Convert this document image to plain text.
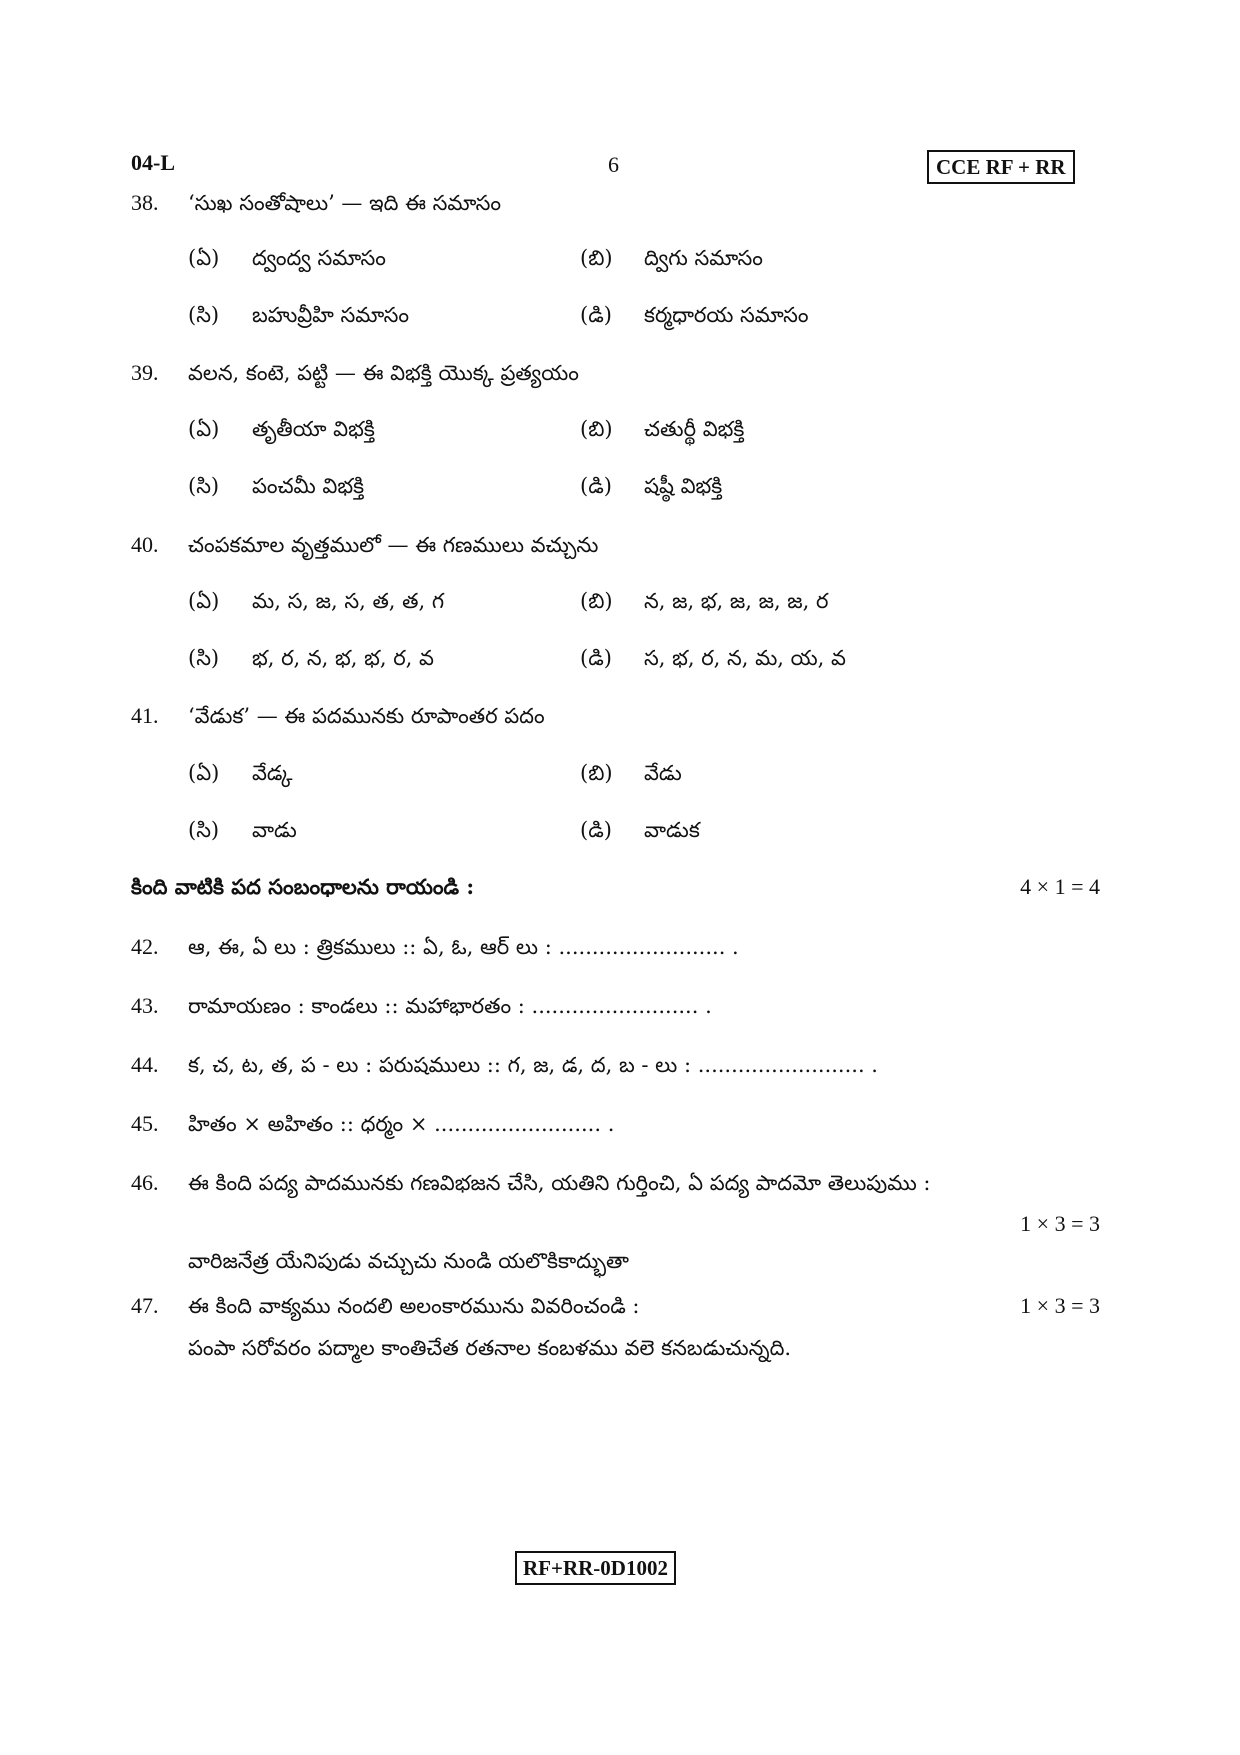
04-L	6	CCE RF + RR
38. ‘సుఖ సంతోషాలు’ — ఇది ఈ సమాసం
(ఏ) ద్వంద్వ సమాసం	(బి) ద్విగు సమాసం
(సి) బహువ్రీహి సమాసం	(డి) కర్మధారయ సమాసం
39. వలన, కంటె, పట్టి — ఈ విభక్తి యొక్క ప్రత్యయం
(ఏ) తృతీయా విభక్తి	(బి) చతుర్థీ విభక్తి
(సి) పంచమీ విభక్తి	(డి) షష్ఠీ విభక్తి
40. చంపకమాల వృత్తములో — ఈ గణములు వచ్చును
(ఏ) మ, స, జ, స, త, త, గ	(బి) న, జ, భ, జ, జ, జ, ర
(సి) భ, ర, న, భ, భ, ర, వ	(డి) స, భ, ర, న, మ, య, వ
41. ‘వేడుక’ — ఈ పదమునకు రూపాంతర పదం
(ఏ) వేడ్క	(బి) వేడు
(సి) వాడు	(డి) వాడుక
కింది వాటికి పద సంబంధాలను రాయండి :	4 × 1 = 4
42. ఆ, ఈ, ఏ లు : త్రికములు :: ఏ, ఓ, ఆర్ లు : ......................... .
43. రామాయణం : కాండలు :: మహాభారతం : ......................... .
44. క, చ, ట, త, ప - లు : పరుషములు :: గ, జ, డ, ద, బ - లు : ......................... .
45. హితం × అహితం :: ధర్మం × ......................... .
46. ఈ కింది పద్య పాదమునకు గణవిభజన చేసి, యతిని గుర్తించి, ఏ పద్య పాదమో తెలుపుము :
1 × 3 = 3
వారిజనేత్ర యేనిపుడు వచ్చుచు నుండి యలొకికాద్భుతా
47. ఈ కింది వాక్యము నందలి అలంకారమును వివరించండి :	1 × 3 = 3
పంపా సరోవరం పద్మాల కాంతిచేత రతనాల కంబళము వలె కనబడుచున్నది.
RF+RR-0D1002
